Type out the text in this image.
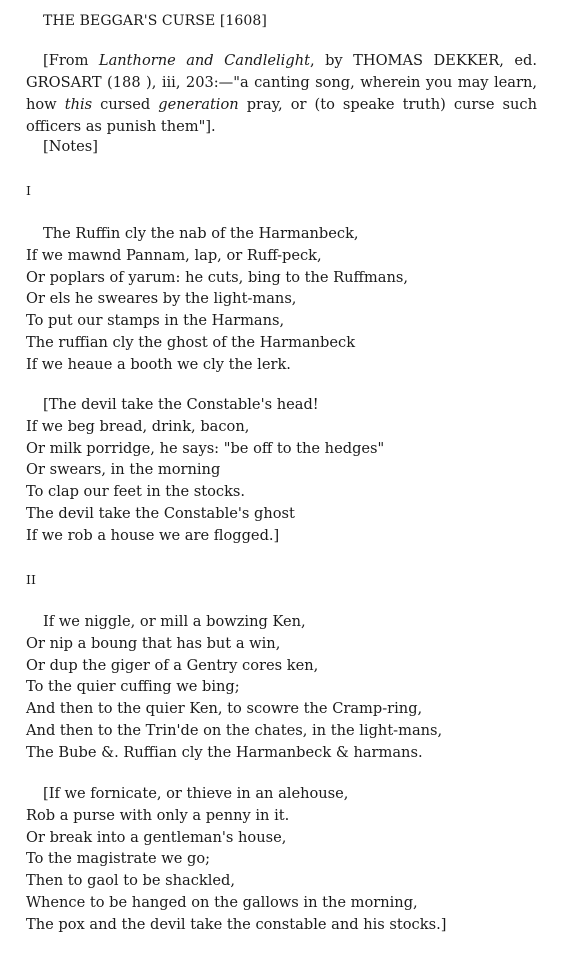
THE BEGGAR'S CURSE [1608]
[From Lanthorne and Candlelight, by THOMAS DEKKER, ed. GROSART (188 ), iii, 203:—"a canting song, wherein you may learn, how this cursed generation pray, or (to speake truth) curse such officers as punish them"].
[Notes]
I
The Ruffin cly the nab of the Harmanbeck,
If we mawnd Pannam, lap, or Ruff-peck,
Or poplars of yarum: he cuts, bing to the Ruffmans,
Or els he sweares by the light-mans,
To put our stamps in the Harmans,
The ruffian cly the ghost of the Harmanbeck
If we heaue a booth we cly the lerk.
[The devil take the Constable's head!
If we beg bread, drink, bacon,
Or milk porridge, he says: "be off to the hedges"
Or swears, in the morning
To clap our feet in the stocks.
The devil take the Constable's ghost
If we rob a house we are flogged.]
II
If we niggle, or mill a bowzing Ken,
Or nip a boung that has but a win,
Or dup the giger of a Gentry cores ken,
To the quier cuffing we bing;
And then to the quier Ken, to scowre the Cramp-ring,
And then to the Trin'de on the chates, in the light-mans,
The Bube &. Ruffian cly the Harmanbeck & harmans.
[If we fornicate, or thieve in an alehouse,
Rob a purse with only a penny in it.
Or break into a gentleman's house,
To the magistrate we go;
Then to gaol to be shackled,
Whence to be hanged on the gallows in the morning,
The pox and the devil take the constable and his stocks.]
